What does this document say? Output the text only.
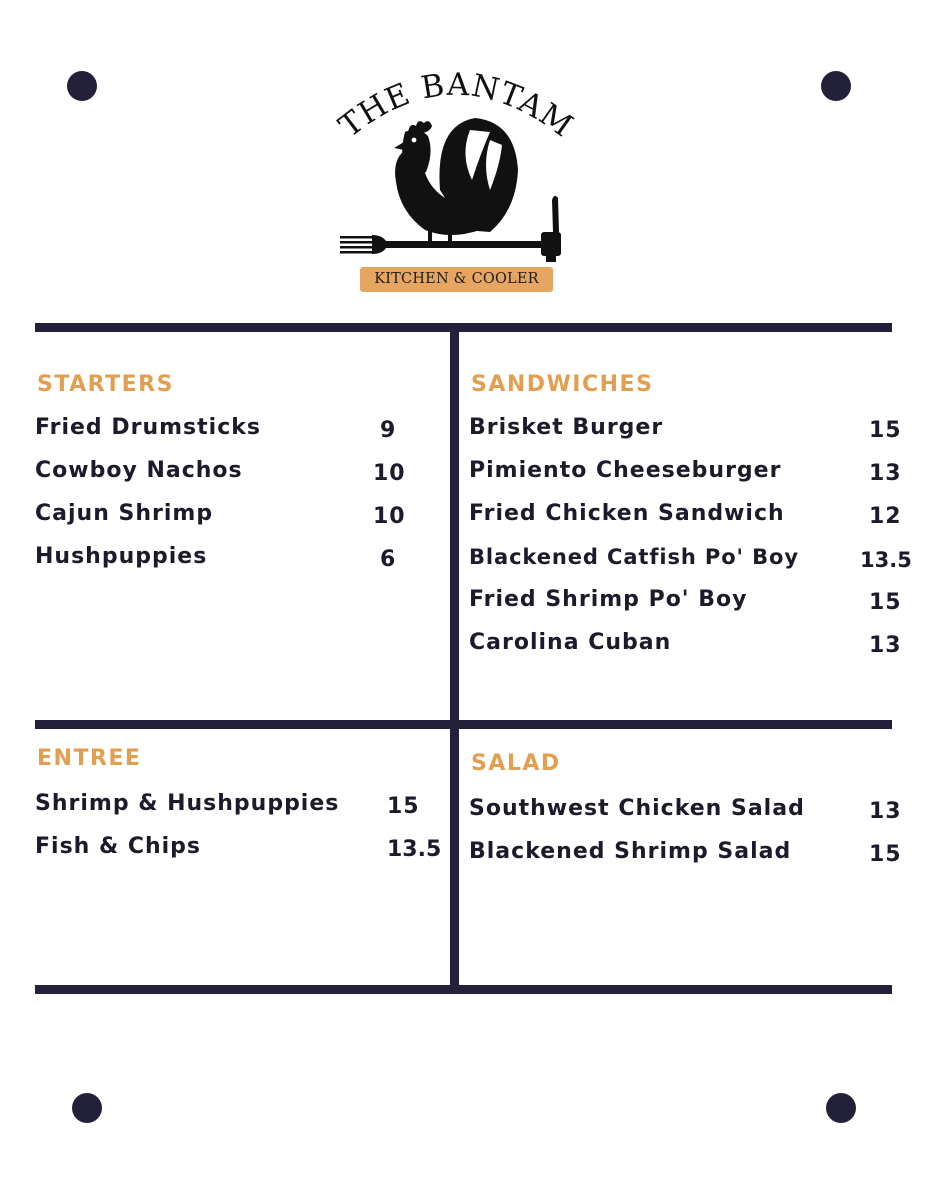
THE BANTAM
KITCHEN & COOLER
STARTERS
Fried Drumsticks	9
Cowboy Nachos	10
Cajun Shrimp	10
Hushpuppies	6
SANDWICHES
Brisket Burger	15
Pimiento Cheeseburger	13
Fried Chicken Sandwich	12
Blackened Catfish Po' Boy	13.5
Fried Shrimp Po' Boy	15
Carolina Cuban	13
ENTREE
Shrimp & Hushpuppies 15
Fish & Chips	13.5
SALAD
Southwest Chicken Salad	13
Blackened Shrimp Salad	15
